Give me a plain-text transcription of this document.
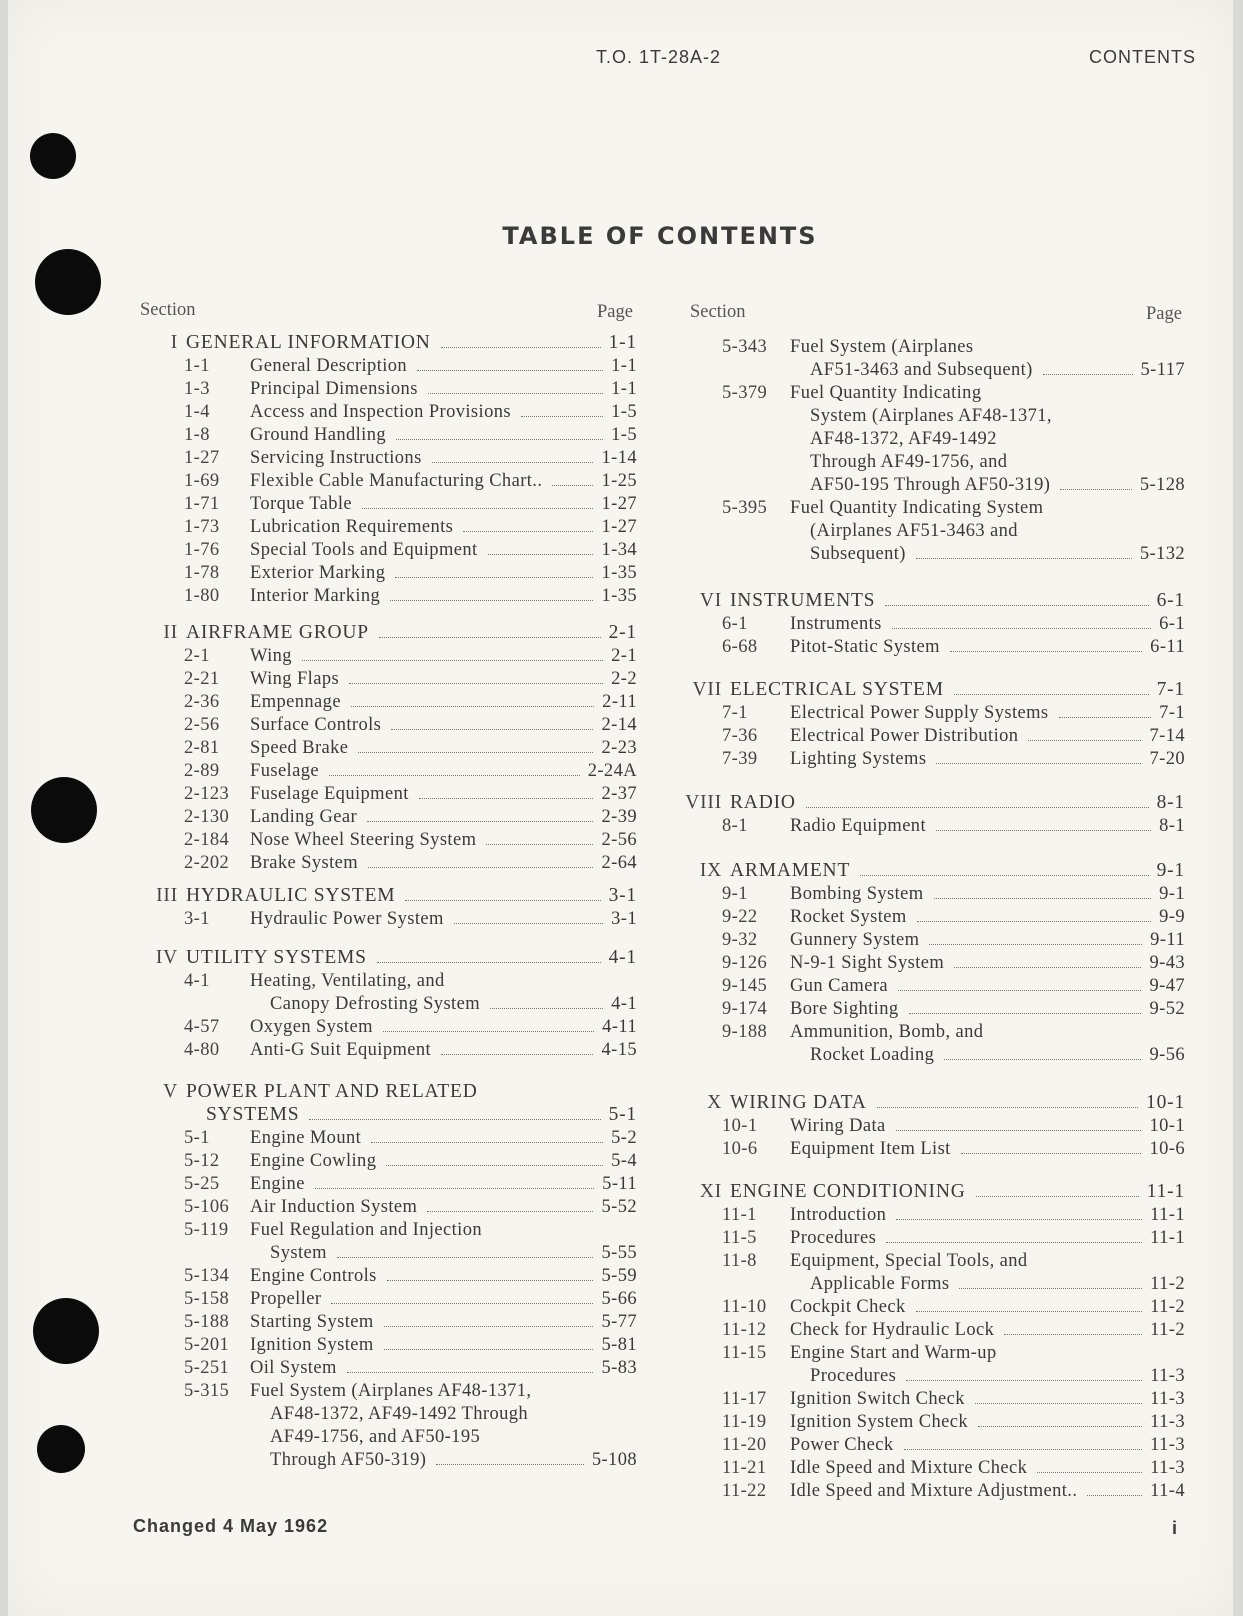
T.O. 1T-28A-2	CONTENTS
TABLE OF CONTENTS
Section	Page	Section	Page
I GENERAL INFORMATION	1-1
1-1	General Description	1-1
1-3	Principal Dimensions	1-1
1-4	Access and Inspection Provisions	1-5
1-8	Ground Handling	1-5
1-27	Servicing Instructions	1-14
1-69	Flexible Cable Manufacturing Chart..	1-25
1-71	Torque Table	1-27
1-73	Lubrication Requirements	1-27
1-76	Special Tools and Equipment	1-34
1-78	Exterior Marking	1-35
1-80	Interior Marking	1-35
II AIRFRAME GROUP	2-1
2-1	Wing	2-1
2-21	Wing Flaps	2-2
2-36	Empennage	2-11
2-56	Surface Controls	2-14
2-81	Speed Brake	2-23
2-89	Fuselage	2-24A
2-123	Fuselage Equipment	2-37
2-130	Landing Gear	2-39
2-184	Nose Wheel Steering System	2-56
2-202	Brake System	2-64
III HYDRAULIC SYSTEM	3-1
3-1	Hydraulic Power System	3-1
IV UTILITY SYSTEMS	4-1
4-1	Heating, Ventilating, and
Canopy Defrosting System	4-1
4-57	Oxygen System	4-11
4-80	Anti-G Suit Equipment	4-15
V POWER PLANT AND RELATED
SYSTEMS	5-1
5-1	Engine Mount	5-2
5-12	Engine Cowling	5-4
5-25	Engine	5-11
5-106	Air Induction System	5-52
5-119	Fuel Regulation and Injection
System	5-55
5-134	Engine Controls	5-59
5-158	Propeller	5-66
5-188	Starting System	5-77
5-201	Ignition System	5-81
5-251	Oil System	5-83
5-315	Fuel System (Airplanes AF48-1371,
AF48-1372, AF49-1492 Through
AF49-1756, and AF50-195
Through AF50-319)	5-108
5-343	Fuel System (Airplanes
AF51-3463 and Subsequent)	5-117
5-379	Fuel Quantity Indicating
System (Airplanes AF48-1371,
AF48-1372, AF49-1492
Through AF49-1756, and
AF50-195 Through AF50-319)	5-128
5-395	Fuel Quantity Indicating System
(Airplanes AF51-3463 and
Subsequent)	5-132
VI INSTRUMENTS	6-1
6-1	Instruments	6-1
6-68	Pitot-Static System	6-11
VII ELECTRICAL SYSTEM	7-1
7-1	Electrical Power Supply Systems	7-1
7-36	Electrical Power Distribution	7-14
7-39	Lighting Systems	7-20
VIII RADIO	8-1
8-1	Radio Equipment	8-1
IX ARMAMENT	9-1
9-1	Bombing System	9-1
9-22	Rocket System	9-9
9-32	Gunnery System	9-11
9-126	N-9-1 Sight System	9-43
9-145	Gun Camera	9-47
9-174	Bore Sighting	9-52
9-188	Ammunition, Bomb, and
Rocket Loading	9-56
X WIRING DATA	10-1
10-1	Wiring Data	10-1
10-6	Equipment Item List	10-6
XI ENGINE CONDITIONING	11-1
11-1	Introduction	11-1
11-5	Procedures	11-1
11-8	Equipment, Special Tools, and
Applicable Forms	11-2
11-10	Cockpit Check	11-2
11-12	Check for Hydraulic Lock	11-2
11-15	Engine Start and Warm-up
Procedures	11-3
11-17	Ignition Switch Check	11-3
11-19	Ignition System Check	11-3
11-20	Power Check	11-3
11-21	Idle Speed and Mixture Check	11-3
11-22	Idle Speed and Mixture Adjustment..	11-4
Changed 4 May 1962	i
